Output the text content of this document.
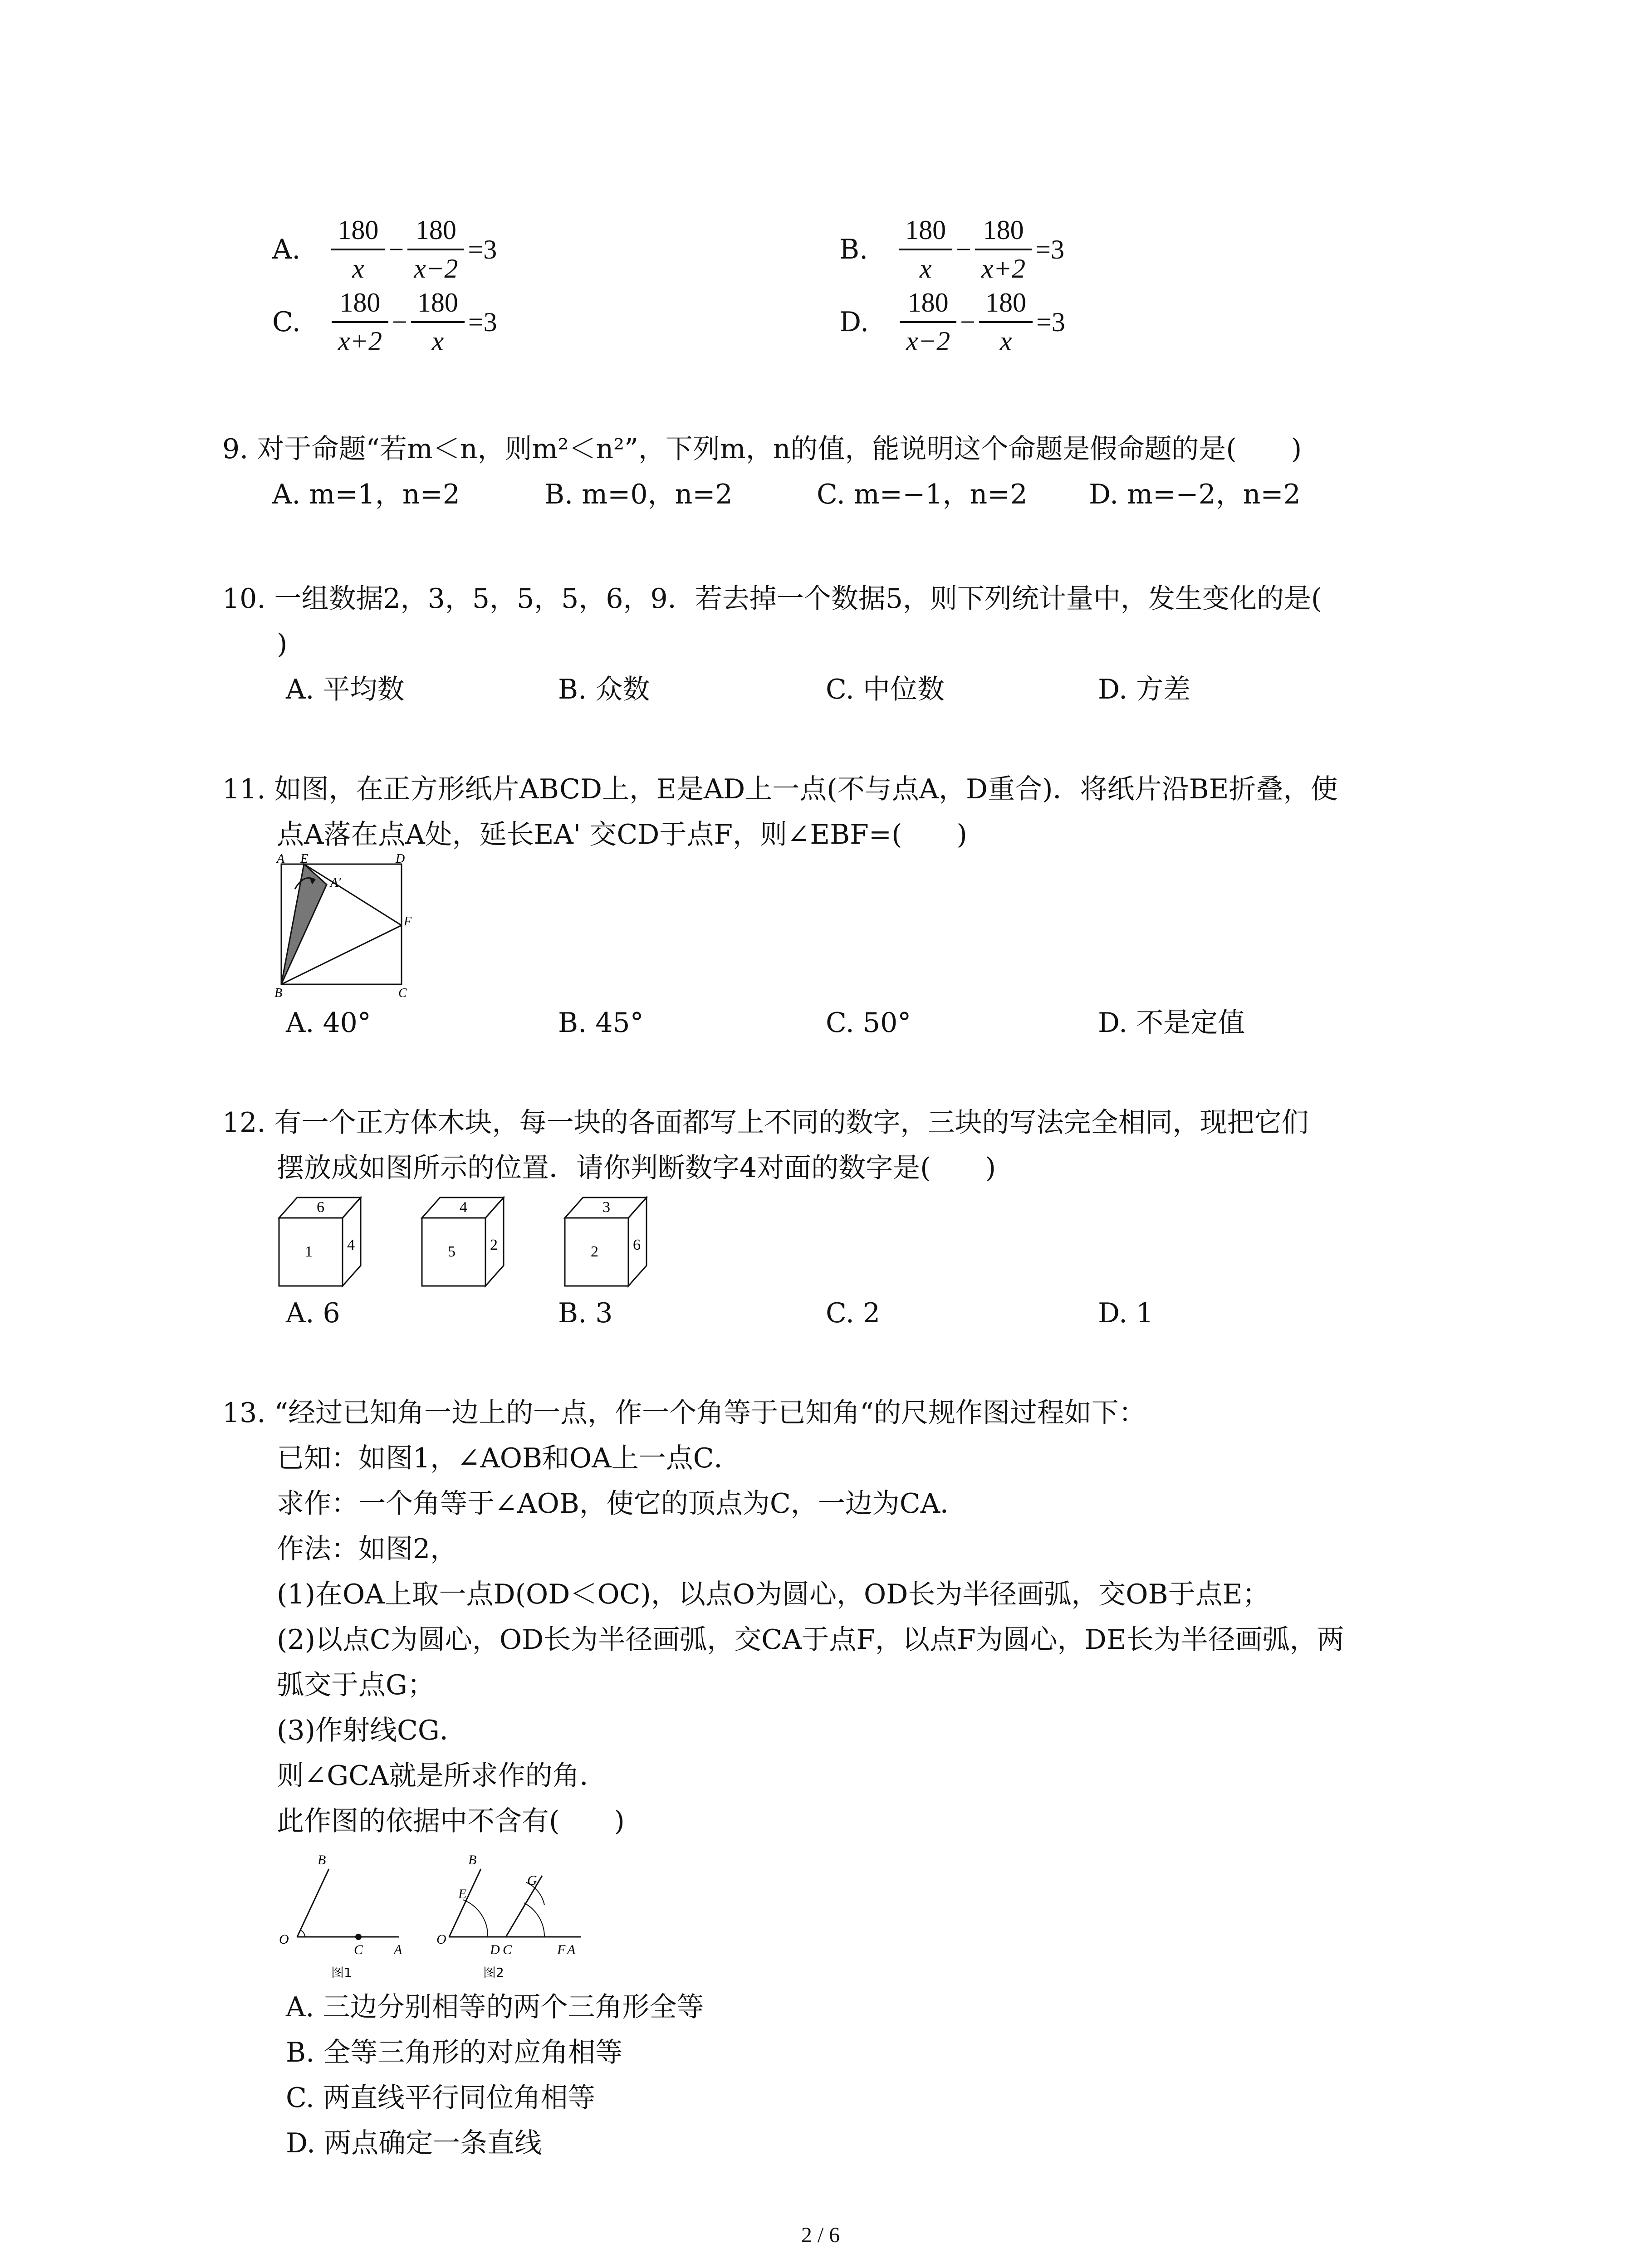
A. $\frac{180}{x} - \frac{180}{x-2} =3$	B. $\frac{180}{x} - \frac{180}{x+2} =3$
C. $\frac{180}{x+2} - \frac{180}{x} =3$	D. $\frac{180}{x-2} - \frac{180}{x} =3$
9. 对于命题“若m＜n，则m²＜n²”，下列m，n的值，能说明这个命题是假命题的是(　　)
A. m=1，n=2	B. m=0，n=2	C. m=−1，n=2 D. m=−2，n=2
10. 一组数据2，3，5，5，5，6，9．若去掉一个数据5，则下列统计量中，发生变化的是(
)
A. 平均数	B. 众数	C. 中位数	D. 方差
11. 如图，在正方形纸片ABCD上，E是AD上一点(不与点A，D重合)．将纸片沿BE折叠，使
点A落在点A处，延长EA' 交CD于点F，则∠EBF=(　　)
A E	D
A'
F
B	C
A. 40°	B. 45°	C. 50°	D. 不是定值
12. 有一个正方体木块，每一块的各面都写上不同的数字，三块的写法完全相同，现把它们
摆放成如图所示的位置．请你判断数字4对面的数字是(　　)
6
1 4
4
5 2
3
2 6
A. 6	B. 3	C. 2	D. 1
13. “经过已知角一边上的一点，作一个角等于已知角“的尺规作图过程如下：
已知：如图1，∠AOB和OA上一点C．
求作：一个角等于∠AOB，使它的顶点为C，一边为CA．
作法：如图2，
(1)在OA上取一点D(OD＜OC)，以点O为圆心，OD长为半径画弧，交OB于点E；
(2)以点C为圆心，OD长为半径画弧，交CA于点F，以点F为圆心，DE长为半径画弧，两
弧交于点G；
(3)作射线CG．
则∠GCA就是所求作的角．
此作图的依据中不含有(　　)
B
O
C A
图1
B
E
G
O
D C	F A
图2
A. 三边分别相等的两个三角形全等
B. 全等三角形的对应角相等
C. 两直线平行同位角相等
D. 两点确定一条直线
2 / 6
